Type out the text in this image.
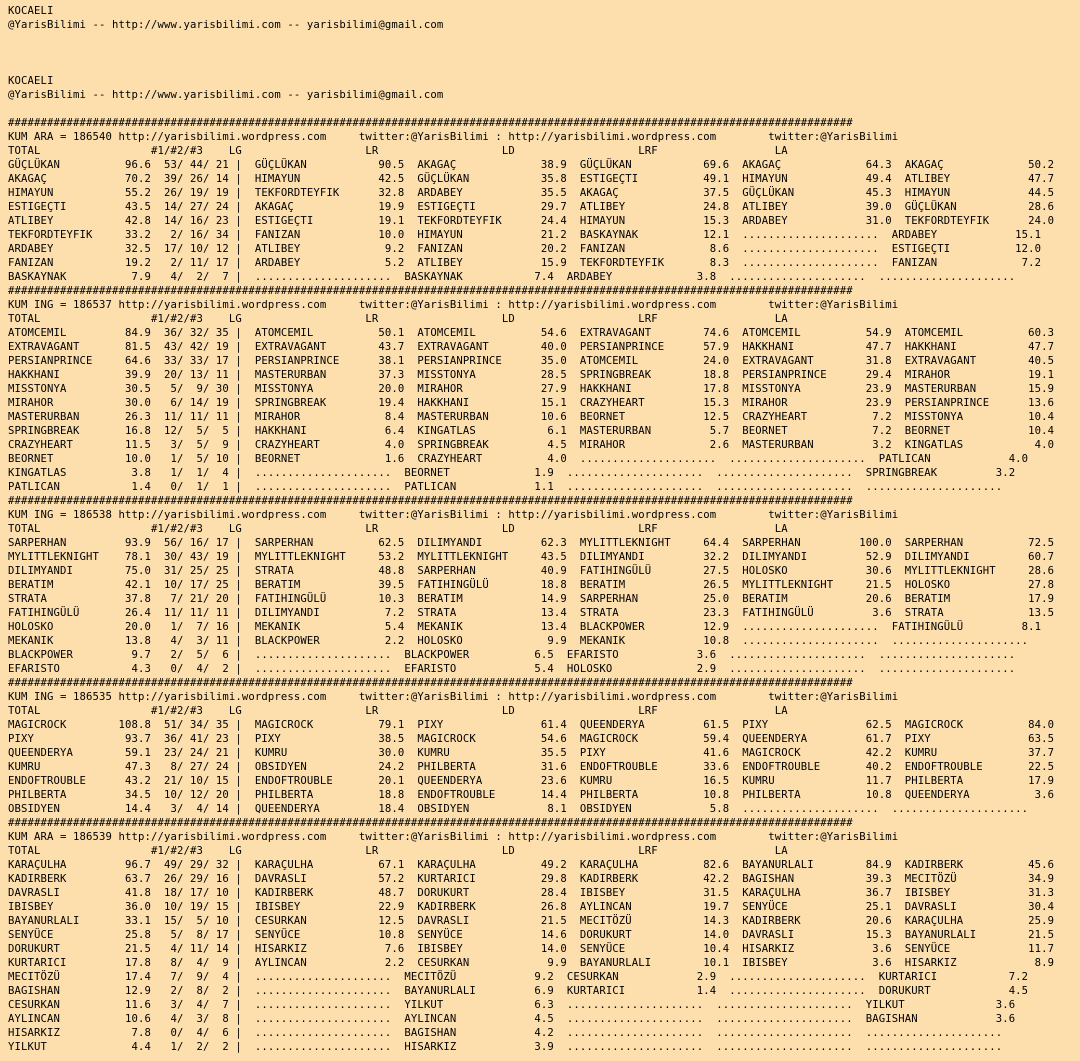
KOCAELI
@YarisBilimi -- http://www.yarisbilimi.com -- yarisbilimi@gmail.com
KOCAELI
@YarisBilimi -- http://www.yarisbilimi.com -- yarisbilimi@gmail.com
##################################################################################################################################
KUM ARA = 186540 http://yarisbilimi.wordpress.com     twitter:@YarisBilimi : http://yarisbilimi.wordpress.com        twitter:@YarisBilimi
TOTAL                 #1/#2/#3    LG                   LR                   LD                   LRF                  LA
GÜÇLÜKAN          96.6  53/ 44/ 21 |  GÜÇLÜKAN           90.5  AKAGAÇ             38.9  GÜÇLÜKAN           69.6  AKAGAÇ             64.3  AKAGAÇ             50.2
AKAGAÇ            70.2  39/ 26/ 14 |  HIMAYUN            42.5  GÜÇLÜKAN           35.8  ESTIGEÇTI          49.1  HIMAYUN            49.4  ATLIBEY            47.7
HIMAYUN           55.2  26/ 19/ 19 |  TEKFORDTEYFIK      32.8  ARDABEY            35.5  AKAGAÇ             37.5  GÜÇLÜKAN           45.3  HIMAYUN            44.5
ESTIGEÇTI         43.5  14/ 27/ 24 |  AKAGAÇ             19.9  ESTIGEÇTI          29.7  ATLIBEY            24.8  ATLIBEY            39.0  GÜÇLÜKAN           28.6
ATLIBEY           42.8  14/ 16/ 23 |  ESTIGEÇTI          19.1  TEKFORDTEYFIK      24.4  HIMAYUN            15.3  ARDABEY            31.0  TEKFORDTEYFIK      24.0
TEKFORDTEYFIK     33.2   2/ 16/ 34 |  FANIZAN            10.0  HIMAYUN            21.2  BASKAYNAK          12.1  .....................  ARDABEY            15.1
ARDABEY           32.5  17/ 10/ 12 |  ATLIBEY             9.2  FANIZAN            20.2  FANIZAN             8.6  .....................  ESTIGEÇTI          12.0
FANIZAN           19.2   2/ 11/ 17 |  ARDABEY             5.2  ATLIBEY            15.9  TEKFORDTEYFIK       8.3  .....................  FANIZAN             7.2
BASKAYNAK          7.9   4/  2/  7 |  .....................  BASKAYNAK           7.4  ARDABEY             3.8  .....................  .....................
##################################################################################################################################
KUM ING = 186537 http://yarisbilimi.wordpress.com     twitter:@YarisBilimi : http://yarisbilimi.wordpress.com        twitter:@YarisBilimi
TOTAL                 #1/#2/#3    LG                   LR                   LD                   LRF                  LA
ATOMCEMIL         84.9  36/ 32/ 35 |  ATOMCEMIL          50.1  ATOMCEMIL          54.6  EXTRAVAGANT        74.6  ATOMCEMIL          54.9  ATOMCEMIL          60.3
EXTRAVAGANT       81.5  43/ 42/ 19 |  EXTRAVAGANT        43.7  EXTRAVAGANT        40.0  PERSIANPRINCE      57.9  HAKKHANI           47.7  HAKKHANI           47.7
PERSIANPRINCE     64.6  33/ 33/ 17 |  PERSIANPRINCE      38.1  PERSIANPRINCE      35.0  ATOMCEMIL          24.0  EXTRAVAGANT        31.8  EXTRAVAGANT        40.5
HAKKHANI          39.9  20/ 13/ 11 |  MASTERURBAN        37.3  MISSTONYA          28.5  SPRINGBREAK        18.8  PERSIANPRINCE      29.4  MIRAHOR            19.1
MISSTONYA         30.5   5/  9/ 30 |  MISSTONYA          20.0  MIRAHOR            27.9  HAKKHANI           17.8  MISSTONYA          23.9  MASTERURBAN        15.9
MIRAHOR           30.0   6/ 14/ 19 |  SPRINGBREAK        19.4  HAKKHANI           15.1  CRAZYHEART         15.3  MIRAHOR            23.9  PERSIANPRINCE      13.6
MASTERURBAN       26.3  11/ 11/ 11 |  MIRAHOR             8.4  MASTERURBAN        10.6  BEORNET            12.5  CRAZYHEART          7.2  MISSTONYA          10.4
SPRINGBREAK       16.8  12/  5/  5 |  HAKKHANI            6.4  KINGATLAS           6.1  MASTERURBAN         5.7  BEORNET             7.2  BEORNET            10.4
CRAZYHEART        11.5   3/  5/  9 |  CRAZYHEART          4.0  SPRINGBREAK         4.5  MIRAHOR             2.6  MASTERURBAN         3.2  KINGATLAS           4.0
BEORNET           10.0   1/  5/ 10 |  BEORNET             1.6  CRAZYHEART          4.0  .....................  .....................  PATLICAN            4.0
KINGATLAS          3.8   1/  1/  4 |  .....................  BEORNET             1.9  .....................  .....................  SPRINGBREAK         3.2
PATLICAN           1.4   0/  1/  1 |  .....................  PATLICAN            1.1  .....................  .....................  .....................
##################################################################################################################################
KUM ING = 186538 http://yarisbilimi.wordpress.com     twitter:@YarisBilimi : http://yarisbilimi.wordpress.com        twitter:@YarisBilimi
TOTAL                 #1/#2/#3    LG                   LR                   LD                   LRF                  LA
SARPERHAN         93.9  56/ 16/ 17 |  SARPERHAN          62.5  DILIMYANDI         62.3  MYLITTLEKNIGHT     64.4  SARPERHAN         100.0  SARPERHAN          72.5
MYLITTLEKNIGHT    78.1  30/ 43/ 19 |  MYLITTLEKNIGHT     53.2  MYLITTLEKNIGHT     43.5  DILIMYANDI         32.2  DILIMYANDI         52.9  DILIMYANDI         60.7
DILIMYANDI        75.0  31/ 25/ 25 |  STRATA             48.8  SARPERHAN          40.9  FATIHINGÜLÜ        27.5  HOLOSKO            30.6  MYLITTLEKNIGHT     28.6
BERATIM           42.1  10/ 17/ 25 |  BERATIM            39.5  FATIHINGÜLÜ        18.8  BERATIM            26.5  MYLITTLEKNIGHT     21.5  HOLOSKO            27.8
STRATA            37.8   7/ 21/ 20 |  FATIHINGÜLÜ        10.3  BERATIM            14.9  SARPERHAN          25.0  BERATIM            20.6  BERATIM            17.9
FATIHINGÜLÜ       26.4  11/ 11/ 11 |  DILIMYANDI          7.2  STRATA             13.4  STRATA             23.3  FATIHINGÜLÜ         3.6  STRATA             13.5
HOLOSKO           20.0   1/  7/ 16 |  MEKANIK             5.4  MEKANIK            13.4  BLACKPOWER         12.9  .....................  FATIHINGÜLÜ         8.1
MEKANIK           13.8   4/  3/ 11 |  BLACKPOWER          2.2  HOLOSKO             9.9  MEKANIK            10.8  .....................  .....................
BLACKPOWER         9.7   2/  5/  6 |  .....................  BLACKPOWER          6.5  EFARISTO            3.6  .....................  .....................
EFARISTO           4.3   0/  4/  2 |  .....................  EFARISTO            5.4  HOLOSKO             2.9  .....................  .....................
##################################################################################################################################
KUM ING = 186535 http://yarisbilimi.wordpress.com     twitter:@YarisBilimi : http://yarisbilimi.wordpress.com        twitter:@YarisBilimi
TOTAL                 #1/#2/#3    LG                   LR                   LD                   LRF                  LA
MAGICROCK        108.8  51/ 34/ 35 |  MAGICROCK          79.1  PIXY               61.4  QUEENDERYA         61.5  PIXY               62.5  MAGICROCK          84.0
PIXY              93.7  36/ 41/ 23 |  PIXY               38.5  MAGICROCK          54.6  MAGICROCK          59.4  QUEENDERYA         61.7  PIXY               63.5
QUEENDERYA        59.1  23/ 24/ 21 |  KUMRU              30.0  KUMRU              35.5  PIXY               41.6  MAGICROCK          42.2  KUMRU              37.7
KUMRU             47.3   8/ 27/ 24 |  OBSIDYEN           24.2  PHILBERTA          31.6  ENDOFTROUBLE       33.6  ENDOFTROUBLE       40.2  ENDOFTROUBLE       22.5
ENDOFTROUBLE      43.2  21/ 10/ 15 |  ENDOFTROUBLE       20.1  QUEENDERYA         23.6  KUMRU              16.5  KUMRU              11.7  PHILBERTA          17.9
PHILBERTA         34.5  10/ 12/ 20 |  PHILBERTA          18.8  ENDOFTROUBLE       14.4  PHILBERTA          10.8  PHILBERTA          10.8  QUEENDERYA          3.6
OBSIDYEN          14.4   3/  4/ 14 |  QUEENDERYA         18.4  OBSIDYEN            8.1  OBSIDYEN            5.8  .....................  .....................
##################################################################################################################################
KUM ARA = 186539 http://yarisbilimi.wordpress.com     twitter:@YarisBilimi : http://yarisbilimi.wordpress.com        twitter:@YarisBilimi
TOTAL                 #1/#2/#3    LG                   LR                   LD                   LRF                  LA
KARAÇULHA         96.7  49/ 29/ 32 |  KARAÇULHA          67.1  KARAÇULHA          49.2  KARAÇULHA          82.6  BAYANURLALI        84.9  KADIRBERK          45.6
KADIRBERK         63.7  26/ 29/ 16 |  DAVRASLI           57.2  KURTARICI          29.8  KADIRBERK          42.2  BAGISHAN           39.3  MECITÖZÜ           34.9
DAVRASLI          41.8  18/ 17/ 10 |  KADIRBERK          48.7  DORUKURT           28.4  IBISBEY            31.5  KARAÇULHA          36.7  IBISBEY            31.3
IBISBEY           36.0  10/ 19/ 15 |  IBISBEY            22.9  KADIRBERK          26.8  AYLINCAN           19.7  SENYÜCE            25.1  DAVRASLI           30.4
BAYANURLALI       33.1  15/  5/ 10 |  CESURKAN           12.5  DAVRASLI           21.5  MECITÖZÜ           14.3  KADIRBERK          20.6  KARAÇULHA          25.9
SENYÜCE           25.8   5/  8/ 17 |  SENYÜCE            10.8  SENYÜCE            14.6  DORUKURT           14.0  DAVRASLI           15.3  BAYANURLALI        21.5
DORUKURT          21.5   4/ 11/ 14 |  HISARKIZ            7.6  IBISBEY            14.0  SENYÜCE            10.4  HISARKIZ            3.6  SENYÜCE            11.7
KURTARICI         17.8   8/  4/  9 |  AYLINCAN            2.2  CESURKAN            9.9  BAYANURLALI        10.1  IBISBEY             3.6  HISARKIZ            8.9
MECITÖZÜ          17.4   7/  9/  4 |  .....................  MECITÖZÜ            9.2  CESURKAN            2.9  .....................  KURTARICI           7.2
BAGISHAN          12.9   2/  8/  2 |  .....................  BAYANURLALI         6.9  KURTARICI           1.4  .....................  DORUKURT            4.5
CESURKAN          11.6   3/  4/  7 |  .....................  YILKUT              6.3  .....................  .....................  YILKUT              3.6
AYLINCAN          10.6   4/  3/  8 |  .....................  AYLINCAN            4.5  .....................  .....................  BAGISHAN            3.6
HISARKIZ           7.8   0/  4/  6 |  .....................  BAGISHAN            4.2  .....................  .....................  .....................
YILKUT             4.4   1/  2/  2 |  .....................  HISARKIZ            3.9  .....................  .....................  .....................
